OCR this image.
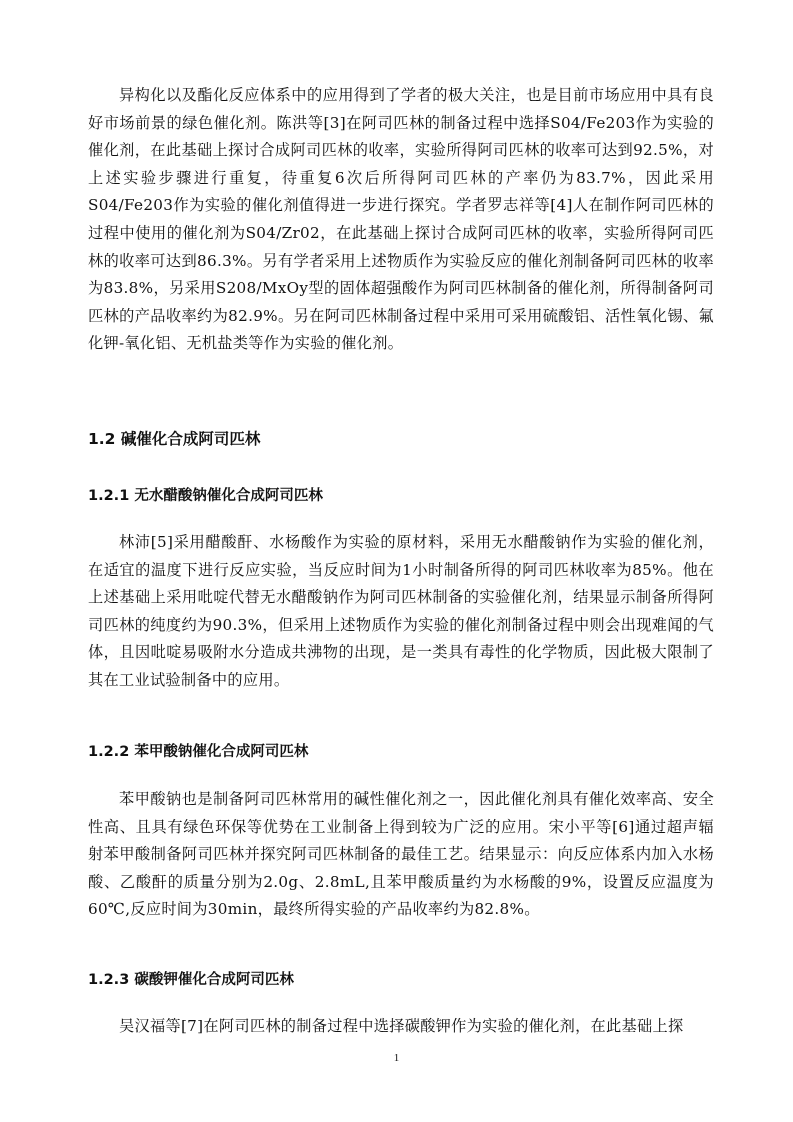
异构化以及酯化反应体系中的应用得到了学者的极大关注，也是目前市场应用中具有良好市场前景的绿色催化剂。陈洪等[3]在阿司匹林的制备过程中选择S04/Fe203作为实验的催化剂，在此基础上探讨合成阿司匹林的收率，实验所得阿司匹林的收率可达到92.5%，对上述实验步骤进行重复，待重复6次后所得阿司匹林的产率仍为83.7%，因此采用S04/Fe203作为实验的催化剂值得进一步进行探究。学者罗志祥等[4]人在制作阿司匹林的过程中使用的催化剂为S04/Zr02，在此基础上探讨合成阿司匹林的收率，实验所得阿司匹林的收率可达到86.3%。另有学者采用上述物质作为实验反应的催化剂制备阿司匹林的收率为83.8%，另采用S208/MxOy型的固体超强酸作为阿司匹林制备的催化剂，所得制备阿司匹林的产品收率约为82.9%。另在阿司匹林制备过程中采用可采用硫酸铝、活性氧化锡、氟化钾-氧化铝、无机盐类等作为实验的催化剂。

1.2 碱催化合成阿司匹林
1.2.1 无水醋酸钠催化合成阿司匹林

林沛[5]采用醋酸酐、水杨酸作为实验的原材料，采用无水醋酸钠作为实验的催化剂，在适宜的温度下进行反应实验，当反应时间为1小时制备所得的阿司匹林收率为85%。他在上述基础上采用吡啶代替无水醋酸钠作为阿司匹林制备的实验催化剂，结果显示制备所得阿司匹林的纯度约为90.3%，但采用上述物质作为实验的催化剂制备过程中则会出现难闻的气体，且因吡啶易吸附水分造成共沸物的出现，是一类具有毒性的化学物质，因此极大限制了其在工业试验制备中的应用。

1.2.2 苯甲酸钠催化合成阿司匹林

苯甲酸钠也是制备阿司匹林常用的碱性催化剂之一，因此催化剂具有催化效率高、安全性高、且具有绿色环保等优势在工业制备上得到较为广泛的应用。宋小平等[6]通过超声辐射苯甲酸制备阿司匹林并探究阿司匹林制备的最佳工艺。结果显示：向反应体系内加入水杨酸、乙酸酐的质量分别为2.0g、2.8mL,且苯甲酸质量约为水杨酸的9%，设置反应温度为60℃,反应时间为30min，最终所得实验的产品收率约为82.8%。

1.2.3 碳酸钾催化合成阿司匹林

吴汉福等[7]在阿司匹林的制备过程中选择碳酸钾作为实验的催化剂，在此基础上探

1
